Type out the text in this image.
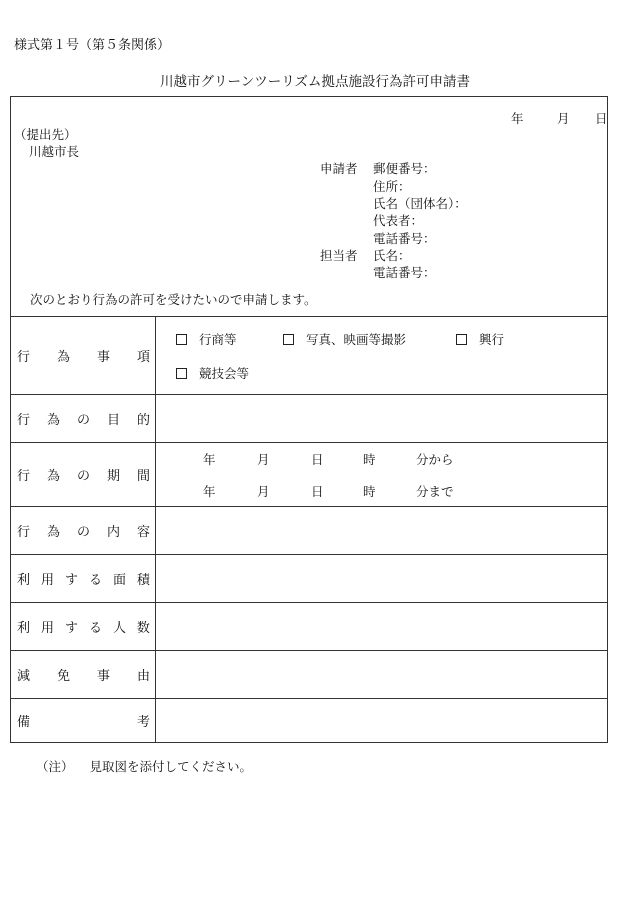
様式第１号（第５条関係）
川越市グリーンツーリズム拠点施設行為許可申請書
年	月 日
（提出先）
川越市長
申請者 郵便番号：
住所：
氏名（団体名）：
代表者：
電話番号：
担当者 氏名：
電話番号：
次のとおり行為の許可を受けたいので申請します。
行 為 事 項
行商等	写真、映画等撮影	興行
競技会等
行 為 の 目 的
行 為 の 期 間
年	月	日	時	分から
年	月	日	時	分まで
行 為 の 内 容
利 用 す る 面 積
利 用 す る 人 数
減 免 事 由
備	考
（注） 見取図を添付してください。
